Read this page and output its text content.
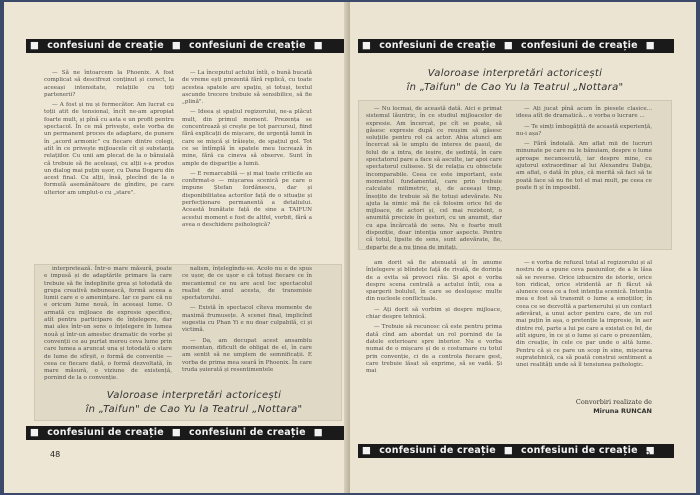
■ confesiuni de creație ■ confesiuni de creație ■

— Să ne întoarcem la Phoenix. A fost complicat să descifrezi conținut și corect, la aceeași intensitate, relațiile cu toți partenerii?

— A fost și nu și fermecător. Am lucrat cu toții atit de tensional, încît ne-am apropiat foarte mult, și pînă cu asta e un profit pentru spectacol. În ce mă privește, este vorba de un permanent proces de adaptare, de punere în „acord armonic" cu fiecare dintre colegi, atît în ce privește mijloacele cît și substanța relațiilor. Cu unii am plecat de la o bănuială că trebuie să fie aceleași, cu alții s-a produs un dialog mai puțin ușor, cu Dana Dogaru din acest final. Cu alții, însă, plecînd de la o formulă asemănătoare de gîndire, pe care ulterior am umplut-o cu „stare".

— La începutul actului întîi, o bună bucată de vreme ești prezentă fără replică, cu toate acestea spatele are spațiu, și totuși, textul ascunde trecere trebuie să sensibilice, să fie „plină".

— Ideea și spațiul regizorului, ne-a plăcut mult, din primul moment. Prezența se concentrează și crește pe tot parcursul, fiind fără explicații de mișcare, de urgență lumii în care se mișcă și trăiește, de spațiul gol. Tot ce se întîmplă în spatele meu lucrează în mine, fără ca cineva să observe. Sunt în ample de dispariție a lumii.

— E remarcabilă — și mai toate criticile au confirmat-o — mișcarea scenică pe care o impune Ștefan Iordănescu, dar și disponibilitatea actorilor față de o situație și perfecționare permanentă a detaliului. Această bunătate față de sine a TAIFUN acestui moment e fost de altfel, vorbit, fără a avea o deschidere psihologică?

interpretează. Într-o mare măsură, poate e impusă și de adaptările primare la care trebuie să fie îndeplinite grea și totodată de grupa creativă nebunească, formă aceea a lumii care e o amenințare. Iar ce pare că nu e oricum lume nouă, în aceeași lume. O armată cu mijloace de expresie specifice, atît pentru participare de înțelegere, dar mai ales într-un sens o înțelegere în lumea nouă și într-un amestec dramatic de vorbe și convenții ce au purtat mereu ceva lume prin care lumea a aruncat una și totodată o stare de lume de sfîrșit, o formă de conventie — ceea ce fiecare dată, o formă dezvoltată, în mare măsură, o viziune de existență, pornind de la o convenție.

nalism, înțelegîndu-se. Acolo nu e de spus ce ușor, de ce ușor e că totuși fiecare ce în mecanismul ce nu are acel loc spectacolul realist de anul acesta, de transmisie spectatorului.

— Există în spectacol cîteva momente de maximă frumusețe. A scenei final, implicînd sugestia cu Phan Yi e nu doar culpabilă, ci și victimă.

— Da, am decupat acest ansamblu momentan, dificult de obligat de el, în care am sentit să ne umplem de semnificații. E vorba de prima mea seară în Phoenix. În care truda șuierată și resentimentele

Valoroase interpretări actoricești
în „Taifun" de Cao Yu la Teatrul „Nottara"
■ confesiuni de creație ■ confesiuni de creație ■
48
■ confesiuni de creație ■ confesiuni de creație ■
Valoroase interpretări actoricești
în „Taifun" de Cao Yu la Teatrul „Nottara"

— Nu locmai, de această dată. Aici e primat sistemul lăuntric, în ce studiul mijloacelor de expresie. Am încercat, pe cît se poate, să găsesc expresie după ce reușim să găsesc soluțiile pentru rol ca actor. Abia atunci am încercat să le umplu de interes de pasul, de felul de a intra, de ieșire, de ședință, în care spectatorul pare a face să asculte, iar apoi care spectatorul culisese. Și de relația cu obiectele incomparabile. Ceea ce este important, este momentul fundamental, care prin trebuie calculate milimetric, și, de aceeași timp, însoțite de trebuie să fie totuși adevărate. Nu ajuta la nimic mă fie că folosim orice fel de mijloace, de actori și, cel mai rezistent, o anumită precizie în gesturi, cu un anumit, dar cu apa încărcată de sens. Nu e foarte mult dispoziție, doar intenția unor aspecte. Pentru că totul, lipsite de sens, sunt adevărate, fie, departe de a nu ținea de imitați.

— Ați jucat pînă acum în piesele clasice... ideea atît de dramatică... e vorba o lucrare ...

— Te simți îmbogățită de această experiență, nu-i așa?

— Fără îndoială. Am aflat mii de lucruri minunate pe care nu le bănuiam, despre o lume aproape necunoscută, iar despre mine, cu ajutorul extraordinar al lui Alexandru Dabija, am aflat, o dată în plus, că merită să faci să te poată face să nu fie tot el mai mult, pe ceea ce poate fi și în imposibil.

am dorit să fie atenuată și în anume înțelegere și blîndețe față de rivală, de dorința de a evita să provoci rău. Și apoi e vorba despre scena centrală a actului întîi, cea a spargerii boluluI, în care se desluşesc multe din nucleele conflictuale.

— Ați dorit să vorbim și despre mijloace, chiar despre tehnică.

— Trebuie să recunosc că este pentru prima dată cînd am abordat un rol pornind de la datele exterioare spre interior. Nu e vorba numai de o mișcare și de o costumare cu totul prin convenție, ci de a controla fiecare gest, care trebuie lăsat să exprime, să se vadă. Și mai

— e vorba de refuzul total al regizorului și al nostru de a spune ceva pasiunilor, de a le lăsa să se reverse. Orice izbucnire de istorie, orice ton ridicat, orice stridentă ar fi făcut să alunece ceea ce a fost intenția scenică. Intenția mea e fost să transmit o lume a emoțiilor, în ceea ce se dezvoltă a partenerului și un contact adevărat, a unui actor pentru care, de un rol mai puțin în așa, o pretenție la impresie, în aer dintre rol, parte a lui pe care a existat ce fel, de atît sigure, în ce și o lume și care o prezentăm, din creație, în cele ce par unde o altă lume. Pentru că și ce pare un scop în sine, mișcarea supratehnică, ca să poată construi sentiment a unei realități unde să îl tensiunea psihologic.

Convorbiri realizate de
Miruna RUNCAN
■ confesiuni de creație ■ confesiuni de creație ■
49
